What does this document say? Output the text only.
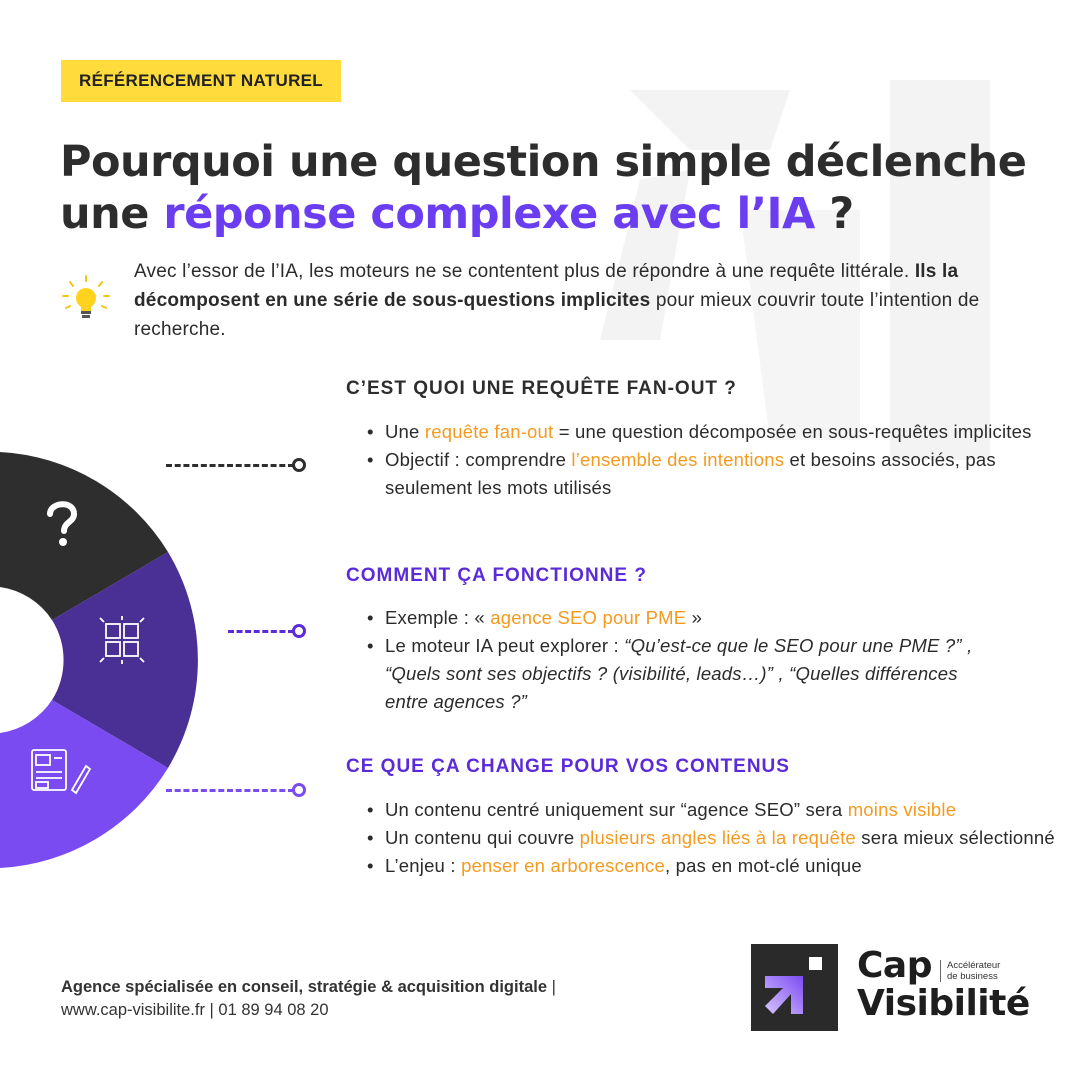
RÉFÉRENCEMENT NATUREL
Pourquoi une question simple déclenche
une réponse complexe avec l’IA ?

Avec l’essor de l’IA, les moteurs ne se contentent plus de répondre à une requête littérale. Ils la décomposent en une série de sous-questions implicites pour mieux couvrir toute l’intention de recherche.

C’EST QUOI UNE REQUÊTE FAN-OUT ?
• Une requête fan-out = une question décomposée en sous-requêtes implicites
• Objectif : comprendre l’ensemble des intentions et besoins associés, pas seulement les mots utilisés
COMMENT ÇA FONCTIONNE ?
• Exemple : « agence SEO pour PME »
• Le moteur IA peut explorer : “Qu’est-ce que le SEO pour une PME ?” , “Quels sont ses objectifs ? (visibilité, leads…)” , “Quelles différences entre agences ?”
CE QUE ÇA CHANGE POUR VOS CONTENUS
• Un contenu centré uniquement sur “agence SEO” sera moins visible
• Un contenu qui couvre plusieurs angles liés à la requête sera mieux sélectionné
• L’enjeu : penser en arborescence, pas en mot-clé unique
Agence spécialisée en conseil, stratégie & acquisition digitale |
www.cap-visibilite.fr | 01 89 94 08 20
Cap
Visibilité
Accélérateur
de business
